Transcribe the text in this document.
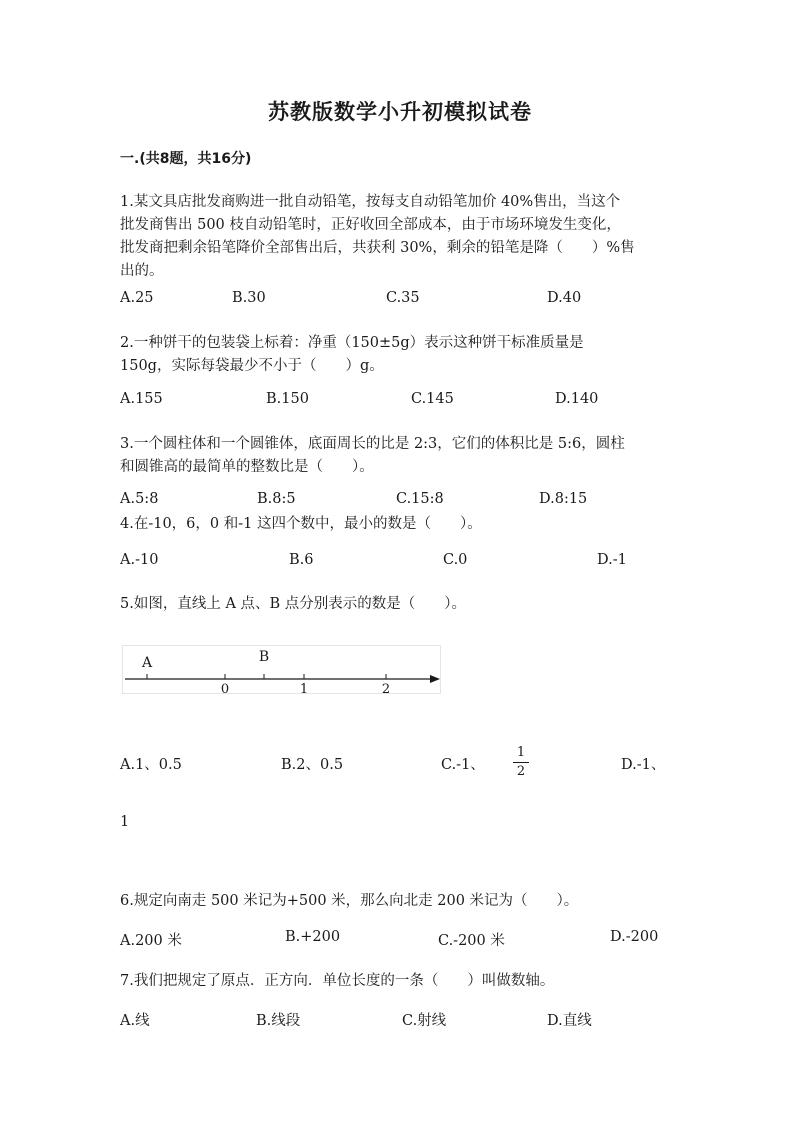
苏教版数学小升初模拟试卷
一.(共8题，共16分)
1.某文具店批发商购进一批自动铅笔，按每支自动铅笔加价 40%售出，当这个
批发商售出 500 枝自动铅笔时，正好收回全部成本，由于市场环境发生变化，
批发商把剩余铅笔降价全部售出后，共获利 30%，剩余的铅笔是降（　　）%售
出的。
A.25	B.30	C.35	D.40
2.一种饼干的包装袋上标着：净重（150±5g）表示这种饼干标准质量是
150g，实际每袋最少不小于（　　）g。
A.155	B.150	C.145	D.140
3.一个圆柱体和一个圆锥体，底面周长的比是 2:3，它们的体积比是 5:6，圆柱
和圆锥高的最简单的整数比是（　　）。
A.5:8	B.8:5	C.15:8	D.8:15
4.在-10，6，0 和-1 这四个数中，最小的数是（　　）。
A.-10	B.6	C.0	D.-1
5.如图，直线上 A 点、B 点分别表示的数是（　　）。
A	B
0	1	2
A.1、0.5	B.2、0.5	C.-1、
1
2	D.-1、
1
6.规定向南走 500 米记为+500 米，那么向北走 200 米记为（　　）。
A.200 米	B.+200	C.-200 米	D.-200
7.我们把规定了原点．正方向．单位长度的一条（　　）叫做数轴。
A.线	B.线段	C.射线	D.直线
